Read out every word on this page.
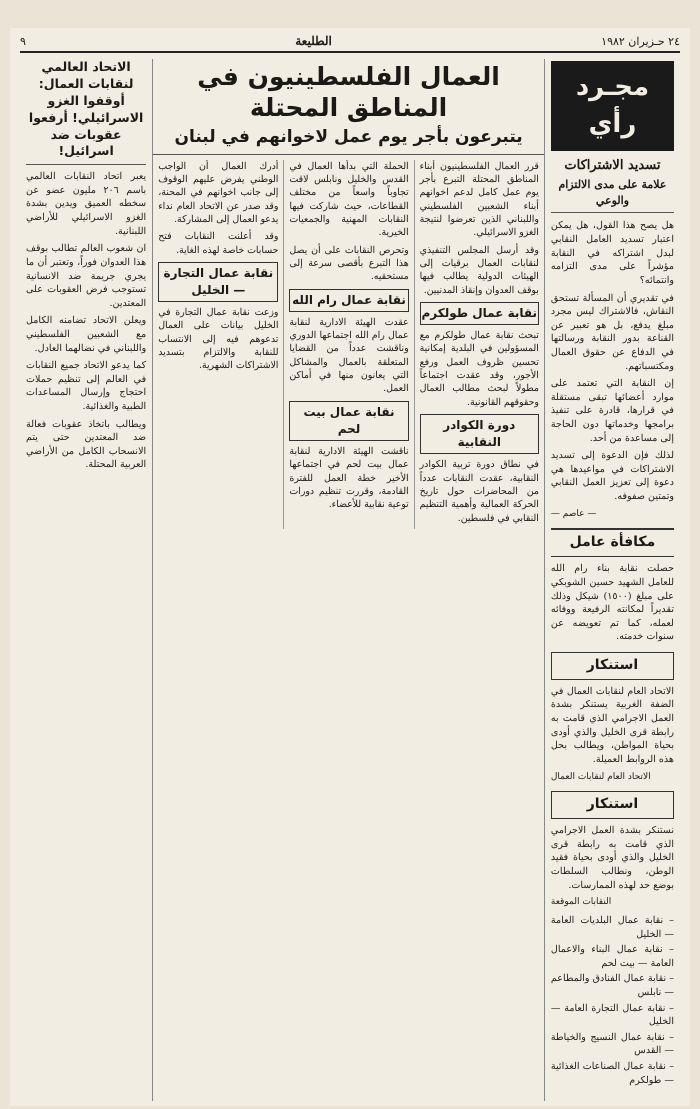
٢٤ حـزيران ١٩٨٢
الطليعة
٩
مجـرد رأي
تسديد الاشتراكات
علامة على مدى الالتزام والوعي

هل يصح هذا القول، هل يمكن اعتبار تسديد العامل النقابي لبدل اشتراكه في النقابة مؤشراً على مدى التزامه وانتمائه؟

في تقديري أن المسألة تستحق النقاش، فالاشتراك ليس مجرد مبلغ يدفع، بل هو تعبير عن القناعة بدور النقابة ورسالتها في الدفاع عن حقوق العمال ومكتسباتهم.

إن النقابة التي تعتمد على موارد أعضائها تبقى مستقلة في قرارها، قادرة على تنفيذ برامجها وخدماتها دون الحاجة إلى مساعدة من أحد.

لذلك فإن الدعوة إلى تسديد الاشتراكات في مواعيدها هي دعوة إلى تعزيز العمل النقابي وتمتين صفوفه.

— عاصم —
مكافأة عامل

حصلت نقابة بناء رام الله للعامل الشهيد حسين الشوبكي على مبلغ (١٥٠٠) شيكل وذلك تقديراً لمكانته الرفيعة ووفائه لعمله، كما تم تعويضه عن سنوات خدمته.

استنكار

الاتحاد العام لنقابات العمال في الضفة الغربية يستنكر بشدة العمل الاجرامي الذي قامت به رابطة قرى الخليل والذي أودى بحياة المواطن، ويطالب بحل هذه الروابط العميلة.

الاتحاد العام لنقابات العمال
استنكار

نستنكر بشدة العمل الاجرامي الذي قامت به رابطة قرى الخليل والذي أودى بحياة فقيد الوطن، ونطالب السلطات بوضع حد لهذه الممارسات.

النقابات الموقعة
– نقابة عمال البلديات العامة — الخليل
– نقابة عمال البناء والاعمال العامة — بيت لحم
– نقابة عمال الفنادق والمطاعم — نابلس
– نقابة عمال التجارة العامة — الخليل
– نقابة عمال النسيج والخياطة — القدس
– نقابة عمال الصناعات الغذائية — طولكرم
العمال الفلسطينيون في المناطق المحتلة
يتبرعون بأجر يوم عمل لاخوانهم في لبنان

قرر العمال الفلسطينيون أبناء المناطق المحتلة التبرع بأجر يوم عمل كامل لدعم اخوانهم أبناء الشعبين الفلسطيني واللبناني الذين تعرضوا لنتيجة الغزو الاسرائيلي.

وقد أرسل المجلس التنفيذي لنقابات العمال برقيات إلى الهيئات الدولية يطالب فيها بوقف العدوان وإنقاذ المدنيين.

نقابة عمال طولكرم

تبحث نقابة عمال طولكرم مع المسؤولين في البلدية إمكانية تحسين ظروف العمل ورفع الأجور، وقد عقدت اجتماعاً مطولاً لبحث مطالب العمال وحقوقهم القانونية.

دورة الكوادر النقابية

في نطاق دورة تربية الكوادر النقابية، عقدت النقابات عدداً من المحاضرات حول تاريخ الحركة العمالية وأهمية التنظيم النقابي في فلسطين.

الحملة التي بدأها العمال في القدس والخليل ونابلس لاقت تجاوباً واسعاً من مختلف القطاعات، حيث شاركت فيها النقابات المهنية والجمعيات الخيرية.

وتحرص النقابات على أن يصل هذا التبرع بأقصى سرعة إلى مستحقيه.

نقابة عمال رام الله

عقدت الهيئة الادارية لنقابة عمال رام الله اجتماعها الدوري وناقشت عدداً من القضايا المتعلقة بالعمال والمشاكل التي يعانون منها في أماكن العمل.

نقابة عمال بيت لحم

ناقشت الهيئة الادارية لنقابة عمال بيت لحم في اجتماعها الأخير خطة العمل للفترة القادمة، وقررت تنظيم دورات توعية نقابية للأعضاء.

أدرك العمال أن الواجب الوطني يفرض عليهم الوقوف إلى جانب اخوانهم في المحنة، وقد صدر عن الاتحاد العام نداء يدعو العمال إلى المشاركة.

وقد أعلنت النقابات فتح حسابات خاصة لهذه الغاية.

نقابة عمال التجارة — الخليل

وزعت نقابة عمال التجارة في الخليل بيانات على العمال تدعوهم فيه إلى الانتساب للنقابة والالتزام بتسديد الاشتراكات الشهرية.

الاتحاد العالمي لنقابات العمال: أوقفوا الغزو الاسرائيلي! أرفعوا عقوبات ضد اسرائيل!

يعبر اتحاد النقابات العالمي باسم ٢٠٦ مليون عضو عن سخطه العميق ويدين بشدة الغزو الاسرائيلي للأراضي اللبنانية.

ان شعوب العالم تطالب بوقف هذا العدوان فوراً، وتعتبر أن ما يجري جريمة ضد الانسانية تستوجب فرض العقوبات على المعتدين.

ويعلن الاتحاد تضامنه الكامل مع الشعبين الفلسطيني واللبناني في نضالهما العادل.

كما يدعو الاتحاد جميع النقابات في العالم إلى تنظيم حملات احتجاج وإرسال المساعدات الطبية والغذائية.

ويطالب باتخاذ عقوبات فعالة ضد المعتدين حتى يتم الانسحاب الكامل من الأراضي العربية المحتلة.
